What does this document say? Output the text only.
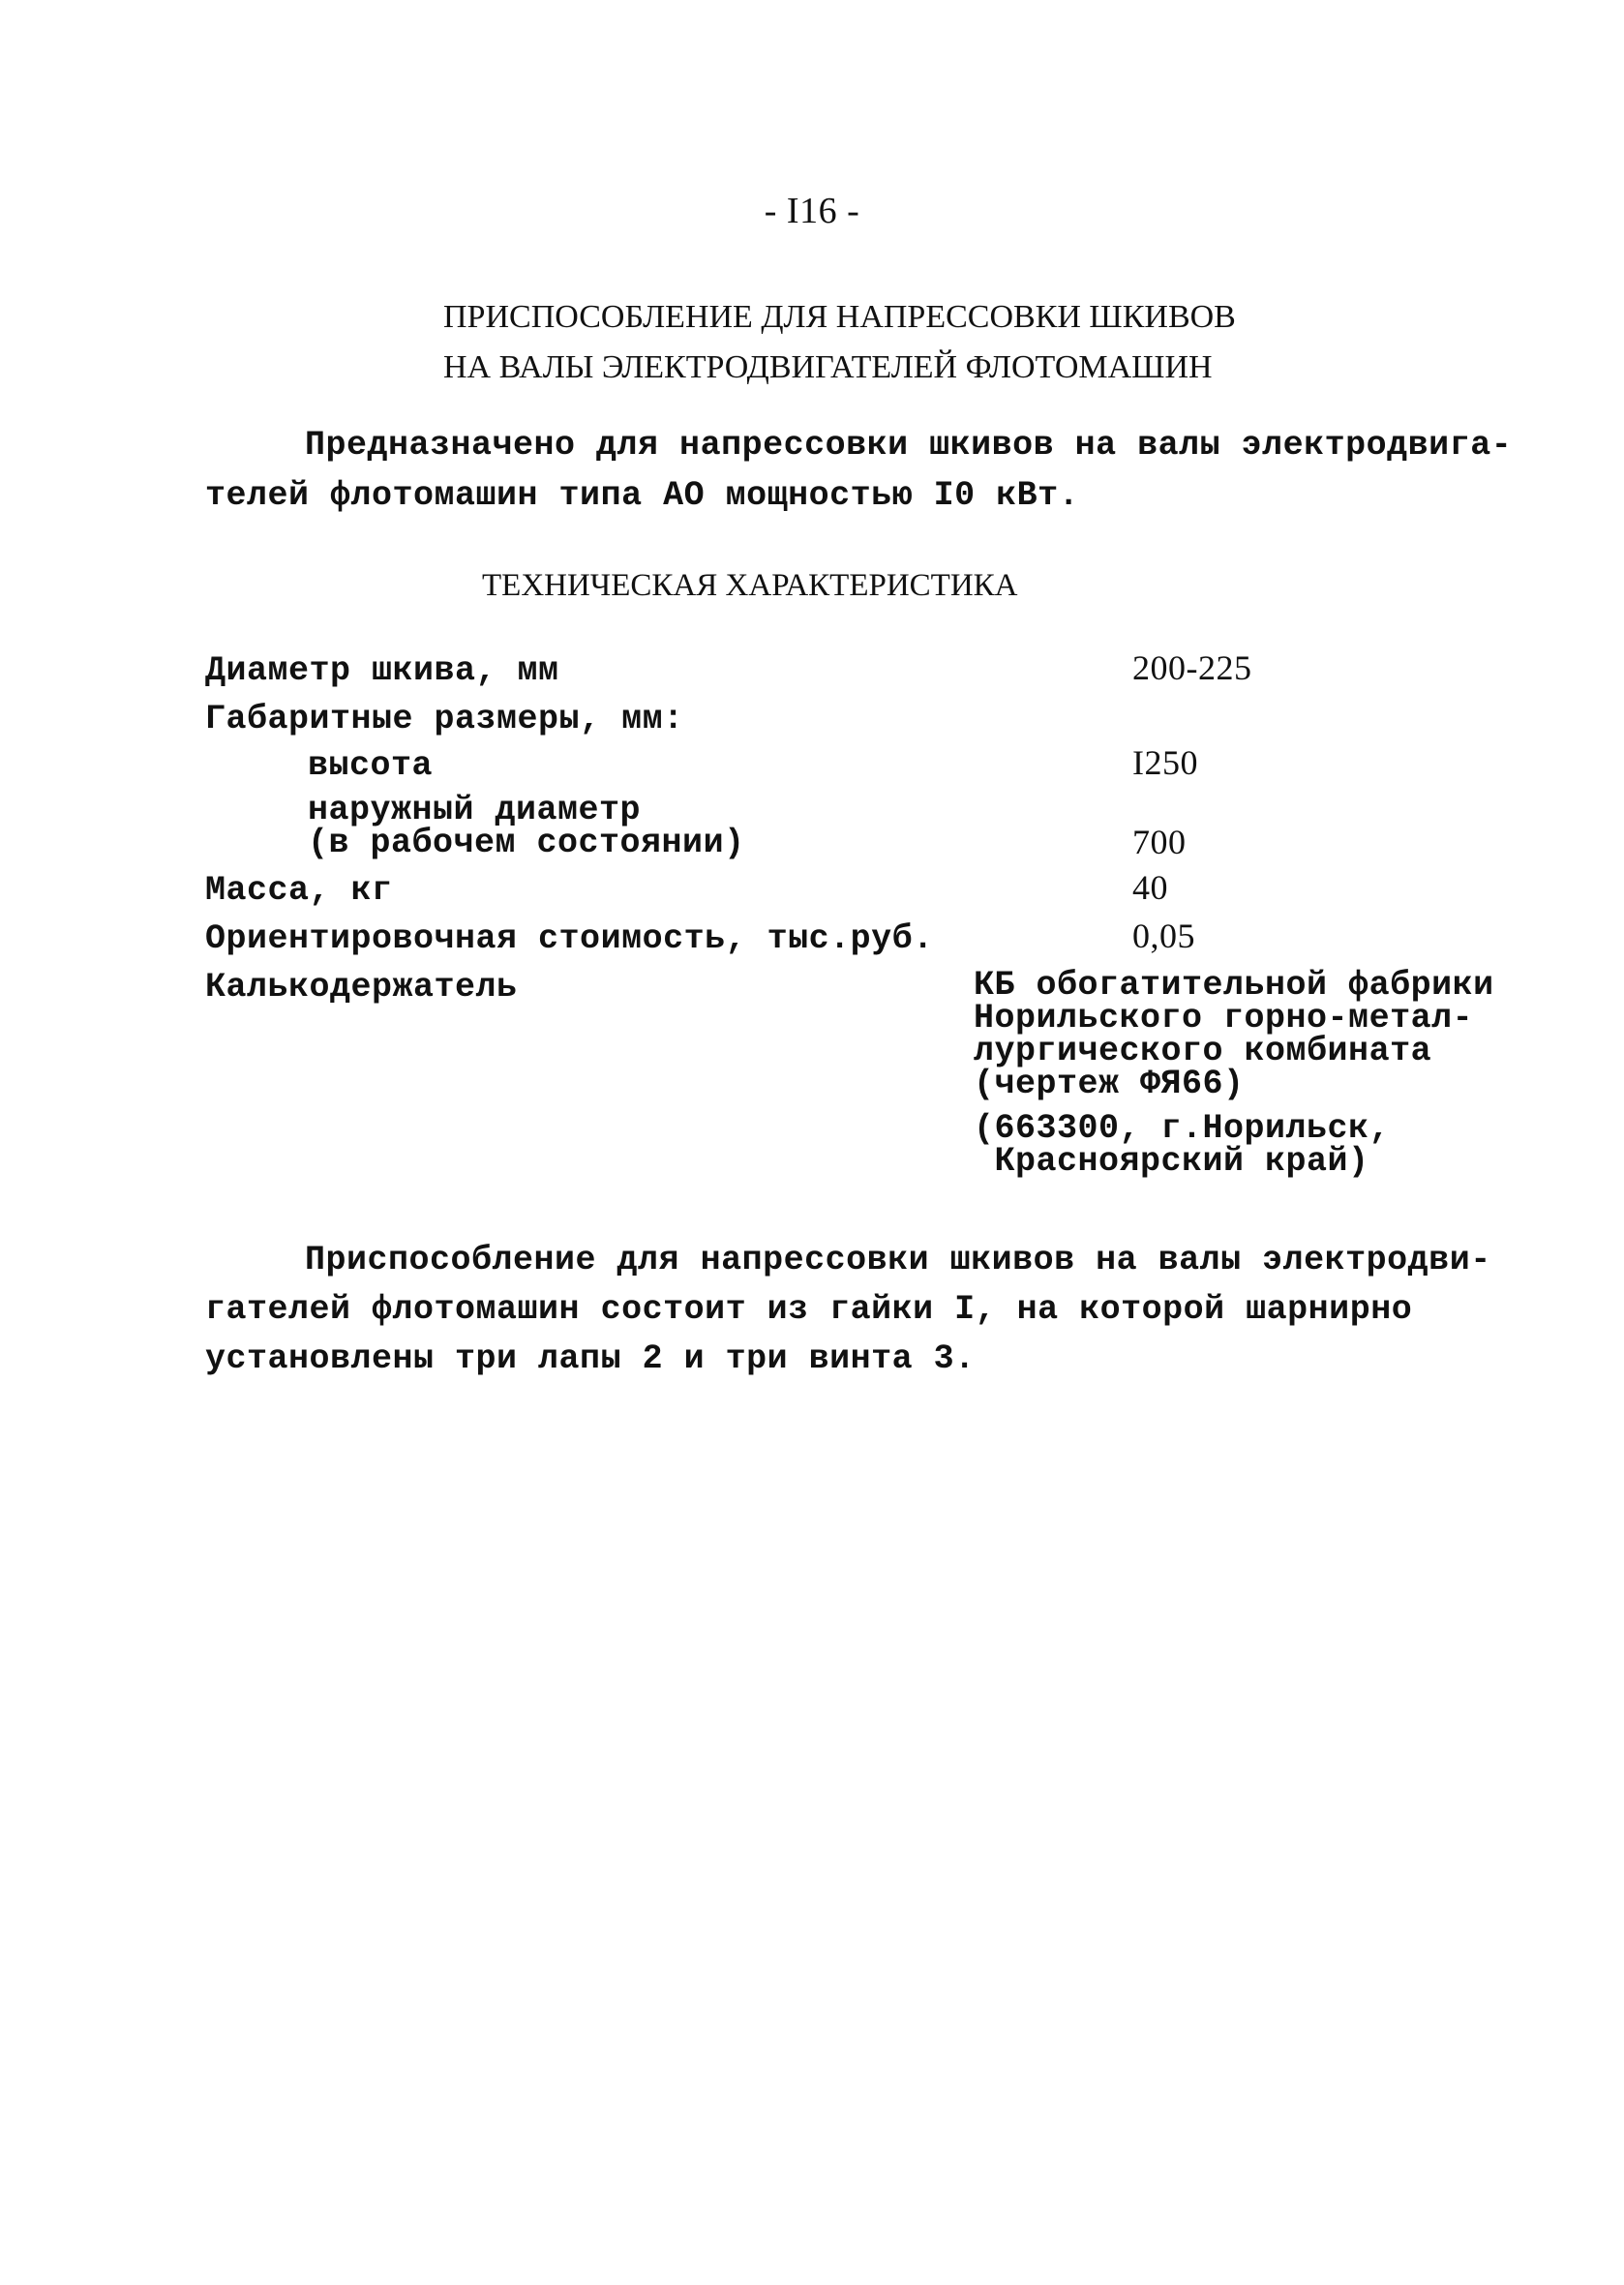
- I16 -
ПРИСПОСОБЛЕНИЕ ДЛЯ НАПРЕССОВКИ ШКИВОВ
НА ВАЛЫ ЭЛЕКТРОДВИГАТЕЛЕЙ ФЛОТОМАШИН
Предназначено для напрессовки шкивов на валы электродвига-
телей флотомашин типа АО мощностью I0 кВт.
ТЕХНИЧЕСКАЯ ХАРАКТЕРИСТИКА
Диаметр шкива, мм	200-225
Габаритные размеры, мм:
высота	I250
наружный диаметр
(в рабочем состоянии)	700
Масса, кг	40
Ориентировочная стоимость, тыс.руб.	0,05
Калькодержатель	КБ обогатительной фабрики
Норильского горно-метал-
лургического комбината
(чертеж ФЯ66)
(663300, г.Норильск,
Красноярский край)
Приспособление для напрессовки шкивов на валы электродви-
гателей флотомашин состоит из гайки I, на которой шарнирно
установлены три лапы 2 и три винта 3.
